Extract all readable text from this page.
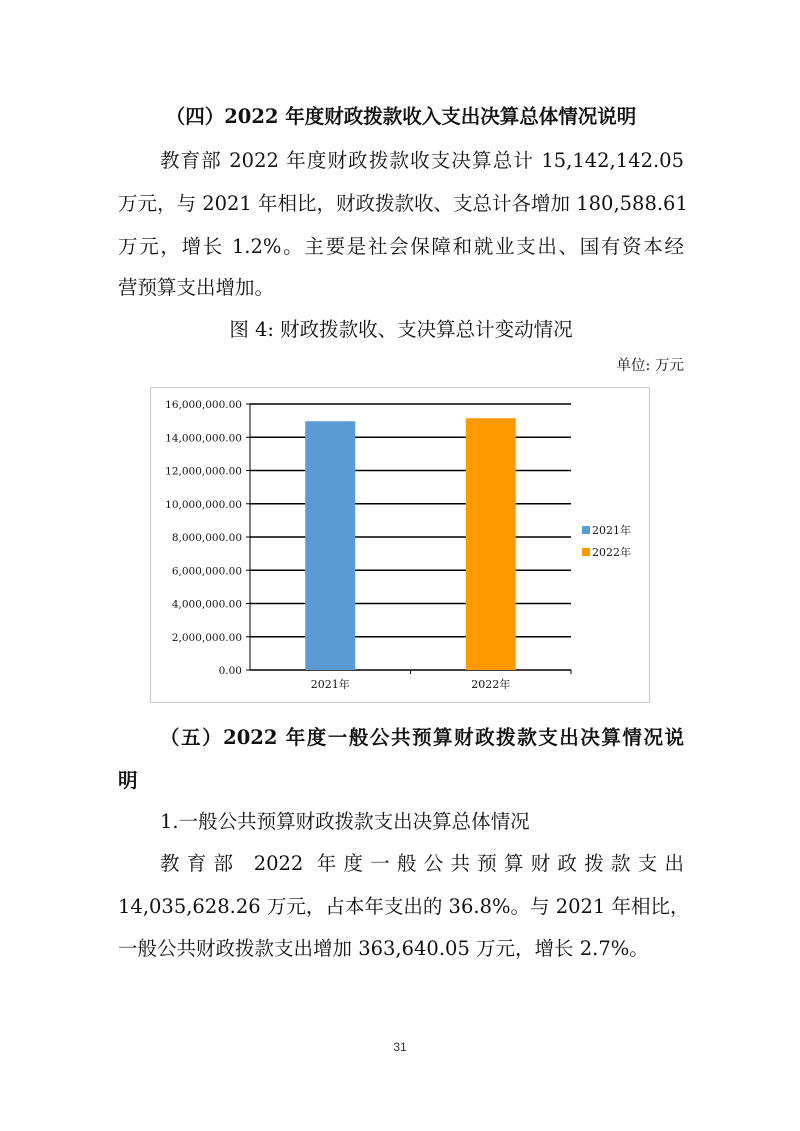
（四）2022 年度财政拨款收入支出决算总体情况说明
教育部 2022 年度财政拨款收支决算总计 15,142,142.05
万元，与 2021 年相比，财政拨款收、支总计各增加 180,588.61
万元，增长 1.2%。主要是社会保障和就业支出、国有资本经
营预算支出增加。
图 4: 财政拨款收、支决算总计变动情况
单位: 万元
0.00
2,000,000.00
4,000,000.00
6,000,000.00
8,000,000.00
10,000,000.00
12,000,000.00
14,000,000.00
16,000,000.00
2021年	2022年
2021年
2022年
（五）2022 年度一般公共预算财政拨款支出决算情况说
明
1.一般公共预算财政拨款支出决算总体情况
教育部 2022 年度一般公共预算财政拨款支出
14,035,628.26 万元，占本年支出的 36.8%。与 2021 年相比，
一般公共财政拨款支出增加 363,640.05 万元，增长 2.7%。
31
